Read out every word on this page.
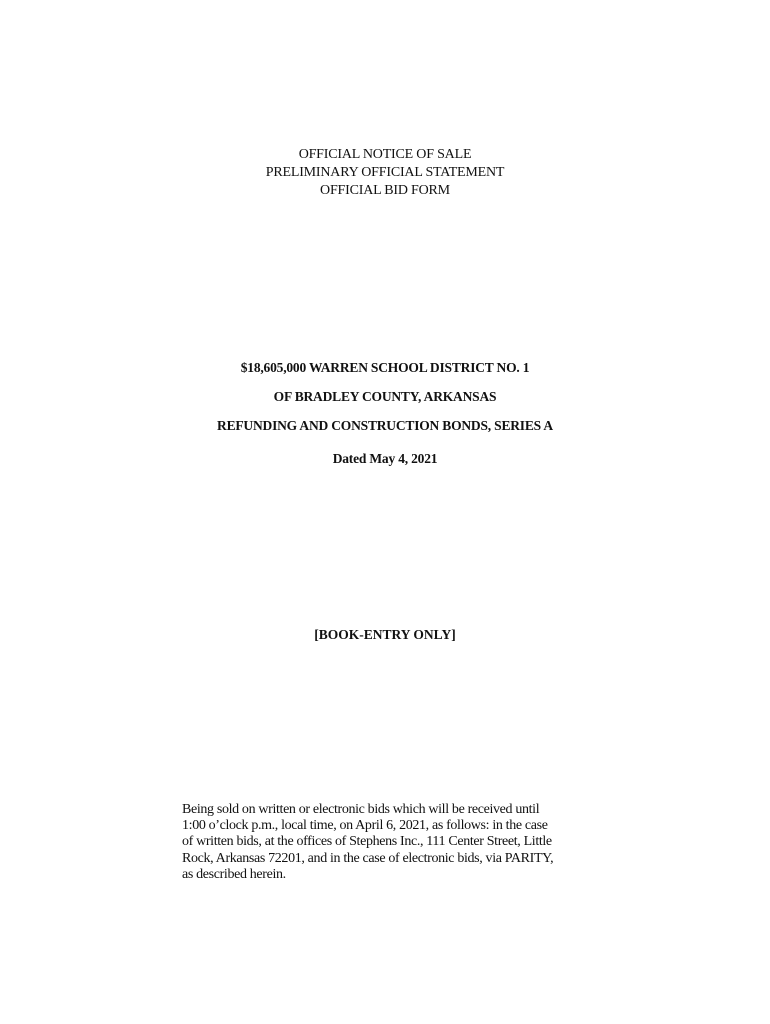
OFFICIAL NOTICE OF SALE
PRELIMINARY OFFICIAL STATEMENT
OFFICIAL BID FORM
$18,605,000 WARREN SCHOOL DISTRICT NO. 1
OF BRADLEY COUNTY, ARKANSAS
REFUNDING AND CONSTRUCTION BONDS, SERIES A
Dated May 4, 2021
[BOOK-ENTRY ONLY]
Being sold on written or electronic bids which will be received until
1:00 o’clock p.m., local time, on April 6, 2021, as follows: in the case
of written bids, at the offices of Stephens Inc., 111 Center Street, Little
Rock, Arkansas 72201, and in the case of electronic bids, via PARITY,
as described herein.
